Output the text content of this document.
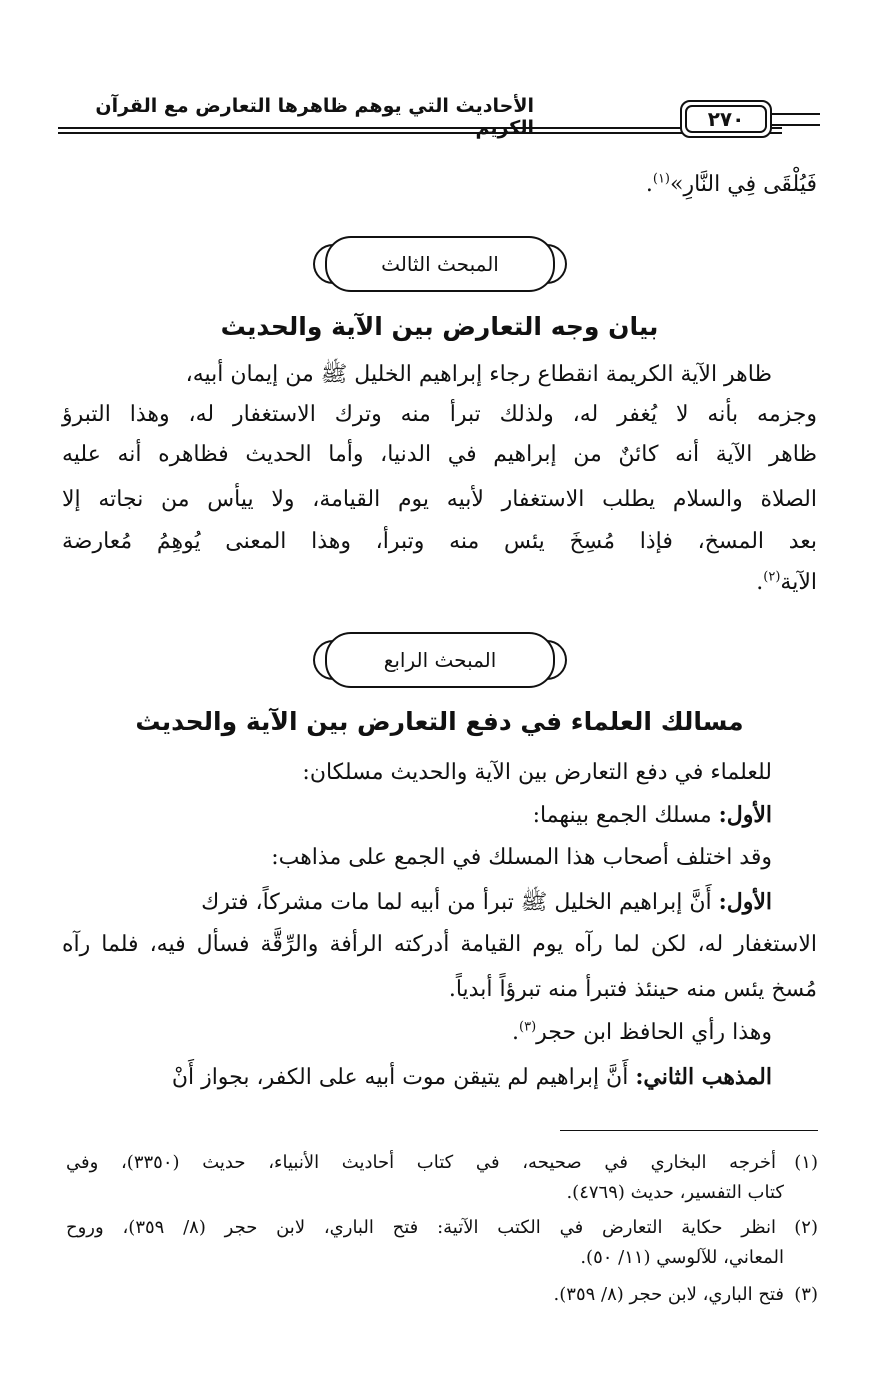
الأحاديث التي يوهم ظاهرها التعارض مع القرآن الكريم	٢٧٠
فَيُلْقَى فِي النَّارِ»$^{(١)}$.
المبحث الثالث
بيان وجه التعارض بين الآية والحديث
ظاهر الآية الكريمة انقطاع رجاء إبراهيم الخليل ﷺ من إيمان أبيه،
وجزمه بأنه لا يُغفر له، ولذلك تبرأ منه وترك الاستغفار له، وهذا التبرؤ
ظاهر الآية أنه كائنٌ من إبراهيم في الدنيا، وأما الحديث فظاهره أنه عليه
الصلاة والسلام يطلب الاستغفار لأبيه يوم القيامة، ولا ييأس من نجاته إلا
بعد المسخ، فإذا مُسِخَ يئس منه وتبرأ، وهذا المعنى يُوهِمُ مُعارضة
الآية$^{(٢)}$.
المبحث الرابع
مسالك العلماء في دفع التعارض بين الآية والحديث
للعلماء في دفع التعارض بين الآية والحديث مسلكان:
الأول: مسلك الجمع بينهما:
وقد اختلف أصحاب هذا المسلك في الجمع على مذاهب:
الأول: أَنَّ إبراهيم الخليل ﷺ تبرأ من أبيه لما مات مشركاً، فترك
الاستغفار له، لكن لما رآه يوم القيامة أدركته الرأفة والرِّقَّة فسأل فيه، فلما رآه
مُسخ يئس منه حينئذ فتبرأ منه تبرؤاً أبدياً.
وهذا رأي الحافظ ابن حجر$^{(٣)}$.
المذهب الثاني: أَنَّ إبراهيم لم يتيقن موت أبيه على الكفر، بجواز أَنْ
(١)
أخرجه البخاري في صحيحه، في كتاب أحاديث الأنبياء، حديث (٣٣٥٠)، وفي
كتاب التفسير، حديث (٤٧٦٩).
(٢)
انظر حكاية التعارض في الكتب الآتية: فتح الباري، لابن حجر (٨/ ٣٥٩)، وروح
المعاني، للآلوسي (١١/ ٥٠).
(٣)
فتح الباري، لابن حجر (٨/ ٣٥٩).
